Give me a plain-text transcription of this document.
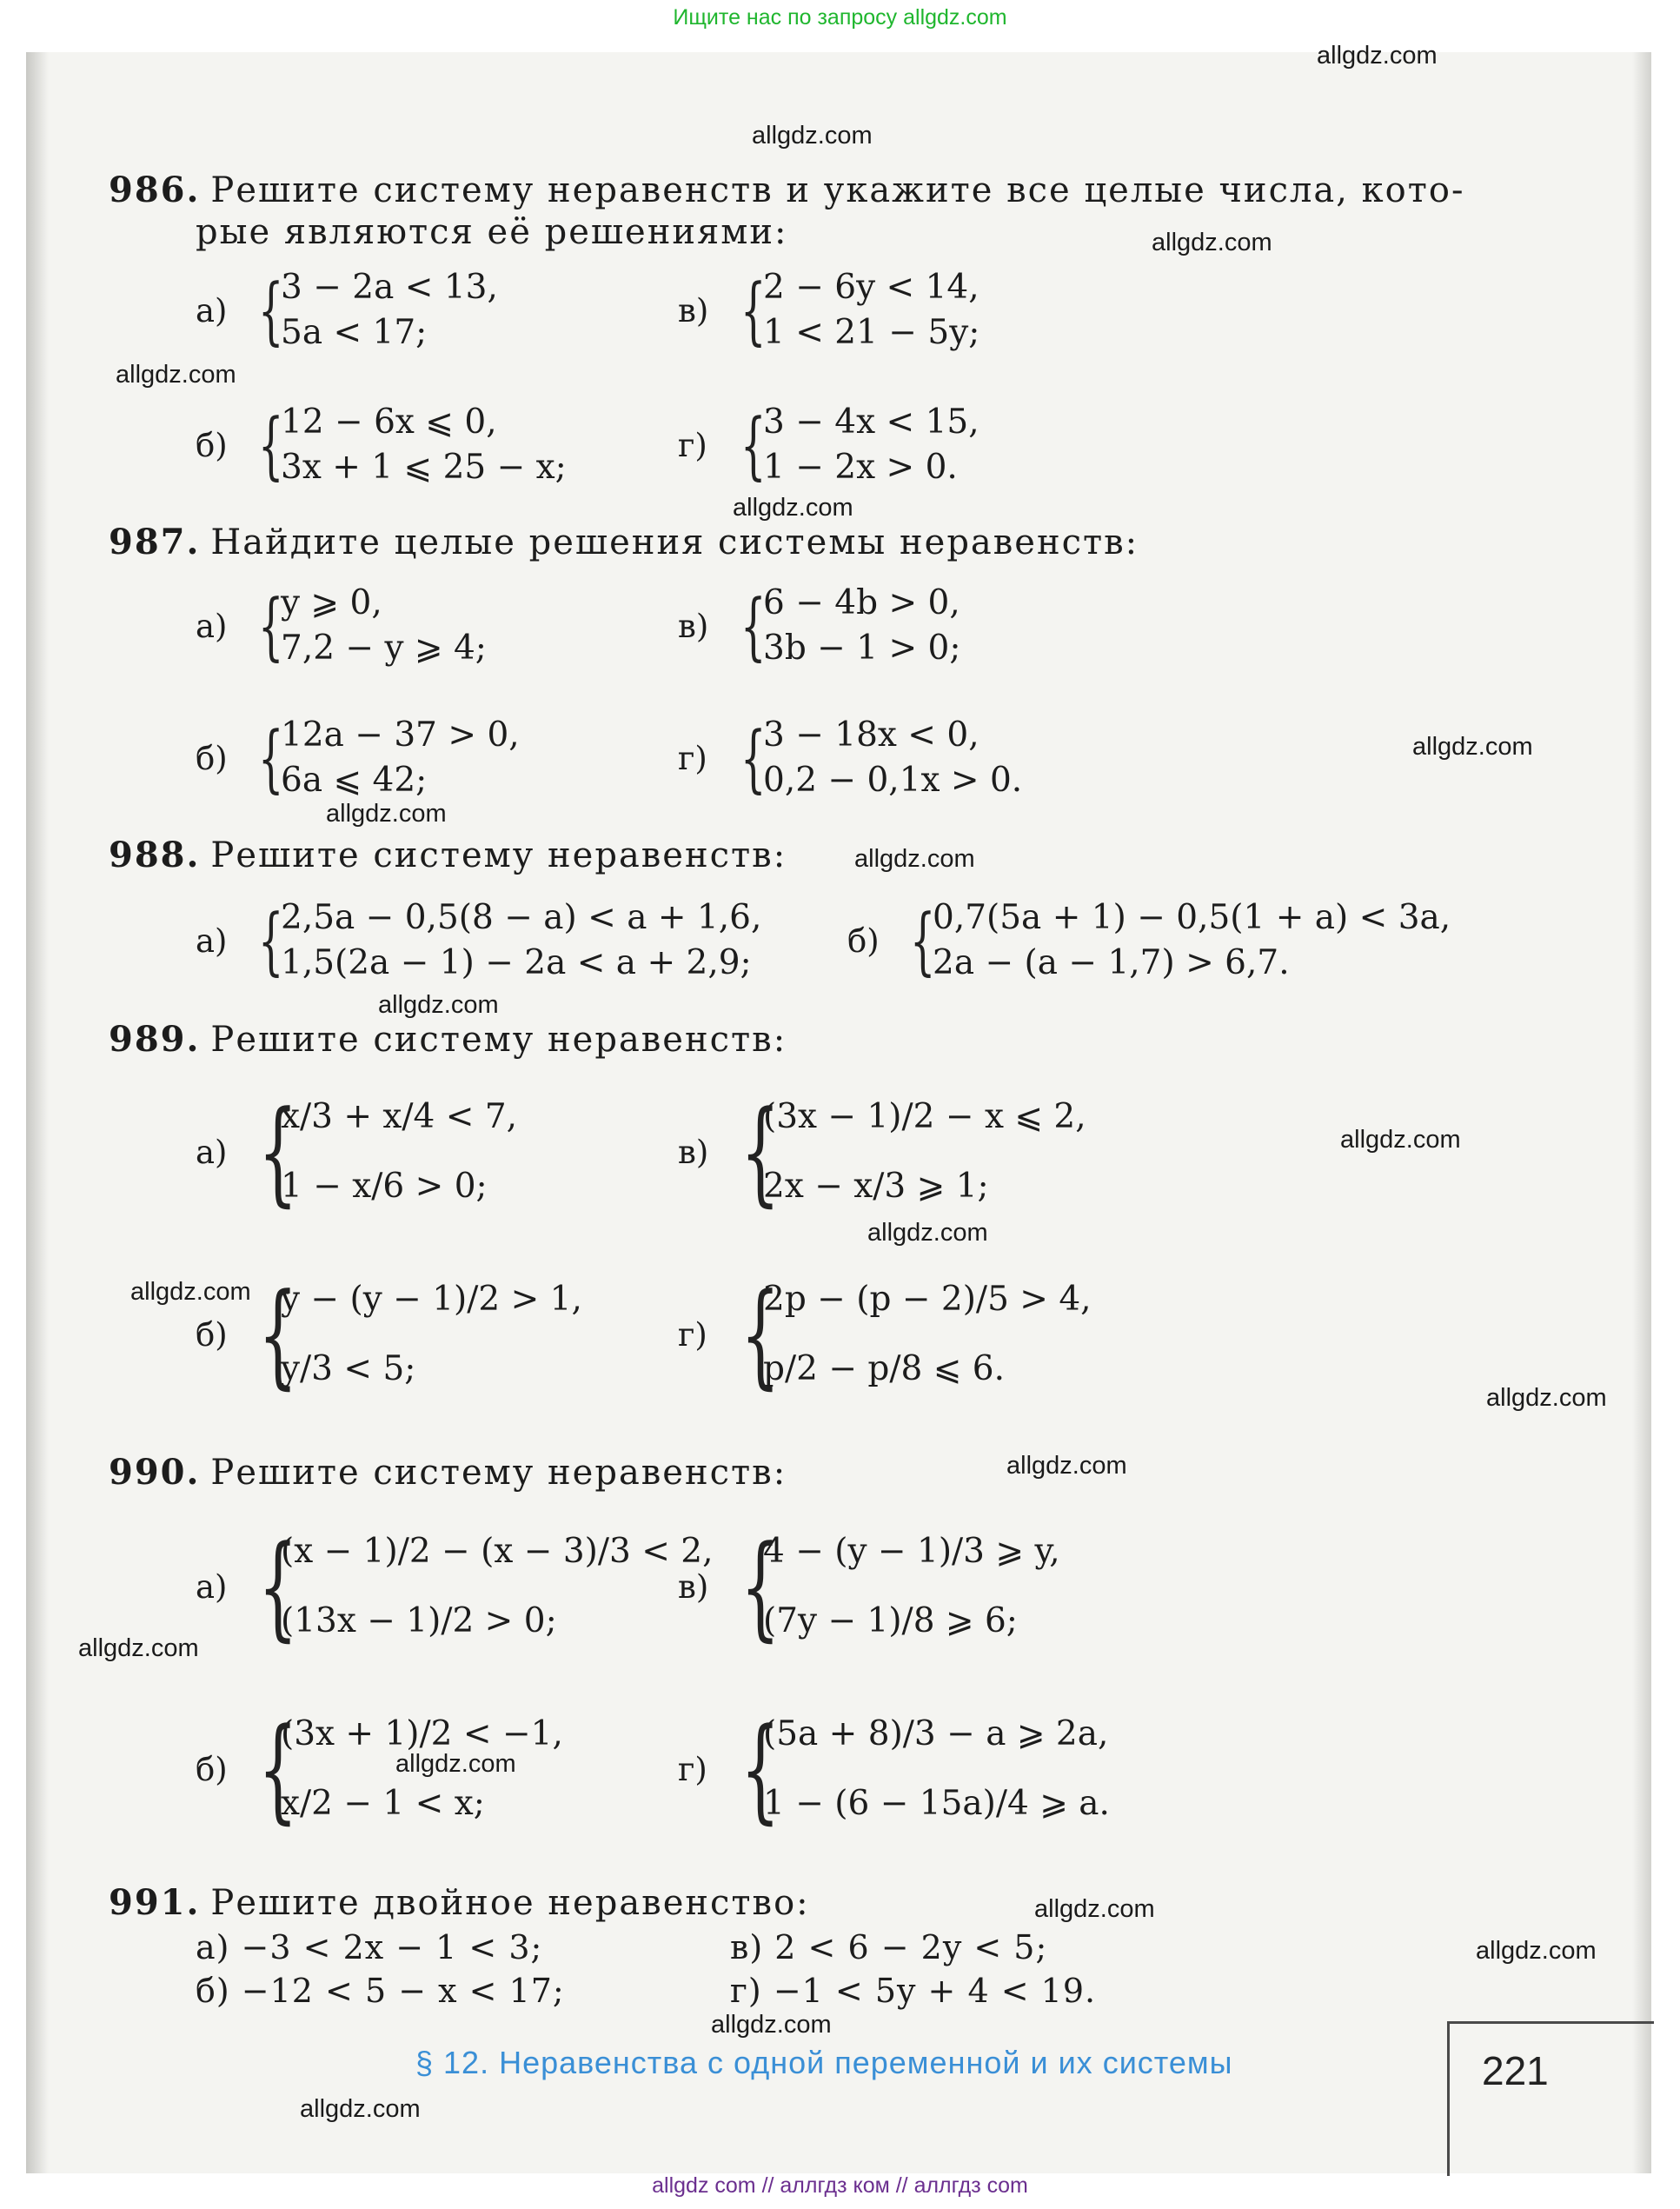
Ищите нас по запросу allgdz.com
allgdz.com
allgdz.com
allgdz.com
allgdz.com
allgdz.com
allgdz.com
allgdz.com
allgdz.com
allgdz.com
allgdz.com
allgdz.com
allgdz.com
allgdz.com
allgdz.com
allgdz.com
allgdz.com
allgdz.com
allgdz.com
allgdz.com
allgdz.com
986. Решите систему неравенств и укажите все целые числа, кото-
рые являются её решениями:
а) {
3 − 2a < 13,
5a < 17;
в) {
2 − 6y < 14,
1 < 21 − 5y;
б) {
12 − 6x ⩽ 0,
3x + 1 ⩽ 25 − x;
г) {
3 − 4x < 15,
1 − 2x > 0.
987. Найдите целые решения системы неравенств:
а) {
y ⩾ 0,
7,2 − y ⩾ 4;
в) {
6 − 4b > 0,
3b − 1 > 0;
б) {
12a − 37 > 0,
6a ⩽ 42;
г) {
3 − 18x < 0,
0,2 − 0,1x > 0.
988. Решите систему неравенств:
а) {
2,5a − 0,5(8 − a) < a + 1,6,
1,5(2a − 1) − 2a < a + 2,9;
б) {
0,7(5a + 1) − 0,5(1 + a) < 3a,
2a − (a − 1,7) > 6,7.
989. Решите систему неравенств:
а) {
x/3 + x/4 < 7,
1 − x/6 > 0;
в) {
(3x − 1)/2 − x ⩽ 2,
2x − x/3 ⩾ 1;
б) {
y − (y − 1)/2 > 1,
y/3 < 5;
г) {
2p − (p − 2)/5 > 4,
p/2 − p/8 ⩽ 6.
990. Решите систему неравенств:
а) {
(x − 1)/2 − (x − 3)/3 < 2,
(13x − 1)/2 > 0;
в) {
4 − (y − 1)/3 ⩾ y,
(7y − 1)/8 ⩾ 6;
б) {
(3x + 1)/2 < −1,
x/2 − 1 < x;
г) {
(5a + 8)/3 − a ⩾ 2a,
1 − (6 − 15a)/4 ⩾ a.
991. Решите двойное неравенство:
а) −3 < 2x − 1 < 3;	в) 2 < 6 − 2y < 5;
б) −12 < 5 − x < 17;	г) −1 < 5y + 4 < 19.
§ 12. Неравенства с одной переменной и их системы	221
allgdz com // аллгдз ком // аллгдз com
